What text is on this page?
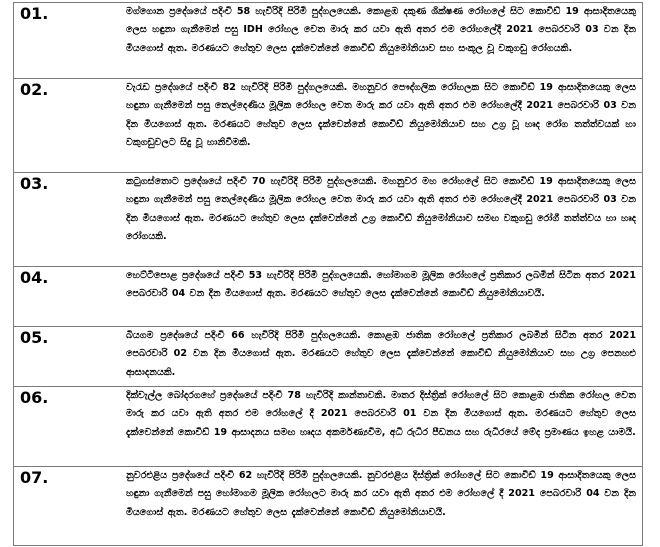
01.	මග්ගොන ප්‍රදේශයේ පදිංචි 58 හැවිරිදි පිරිමි පුද්ගලයෙකි. කොළඹ දකුණ ශික්ෂණ රෝහලේ සිට කොවිඩ් 19 ආසාදිතයෙකු ලෙස හඳුනා ගැනීමෙන් පසු IDH රෝහල වෙත මාරු කර යවා ඇති අතර එම රෝහලේදී 2021 පෙබරවාරි 03 වන දින මියගොස් ඇත. මරණයට හේතුව ලෙස දැක්වෙන්නේ කොවිඩ් නියුමෝනියාව සහ සංකූල වූ වකුගඩු රෝගයකි.

02.	වැරැඩ ප්‍රදේශයේ පදිංචි 82 හැවිරිදි පිරිමි පුද්ගලයෙකි. මහනුවර පෞද්ගලික රෝහලක සිට කොවිඩ් 19 ආසාදිතයෙකු ලෙස හඳුනා ගැනීමෙන් පසු තෙල්දෙණිය මූලික රෝහල වෙත මාරු කර යවා ඇති අතර එම රෝහලේදී 2021 පෙබරවාරි 03 වන දින මියගොස් ඇත. මරණයට හේතුව ලෙස දැක්වෙන්නේ කොවිඩ් නියුමෝනියාව සහ උග්‍ර වූ හෘද රෝග තත්ත්වයක් හා වකුගඩුවලට සිදු වූ හානිවීමකි.

03.	කටුගස්තොට ප්‍රදේශයේ පදිංචි 70 හැවිරිදි පිරිමි පුද්ගලයෙකි. මහනුවර මහ රෝහලේ සිට කොවිඩ් 19 ආසාදිතයෙකු ලෙස හඳුනා ගැනීමෙන් පසු තෙල්දෙණිය මූලික රෝහල වෙත මාරු කර යවා ඇති අතර එම රෝහලේදී 2021 පෙබරවාරි 03 වන දින මියගොස් ඇත. මරණයට හේතුව ලෙස දැක්වෙන්නේ උග්‍ර කොවිඩ් නියුමෝනියාව සමඟ වකුගඩු රෝගී තත්ත්වය හා හෘද රෝගයකි.

04.	හෙට්ටිපොළ ප්‍රදේශයේ පදිංචි 53 හැවිරිදි පිරිමි පුද්ගලයෙකි. හෝමාගම මූලික රෝහලේ ප්‍රතිකාර ලබමින් සිටින අතර 2021 පෙබරවාරි 04 වන දින මියගොස් ඇත. මරණයට හේතුව ලෙස දැක්වෙන්නේ කොවිඩ් නියුමෝනියාවයි.

05.	බියගම ප්‍රදේශයේ පදිංචි 66 හැවිරිදි පිරිමි පුද්ගලයෙකි. කොළඹ ජාතික රෝහලේ ප්‍රතිකාර ලබමින් සිටින අතර 2021 පෙබරවාරි 02 වන දින මියගොස් ඇත. මරණයට හේතුව ලෙස දැක්වෙන්නේ කොවිඩ් නියුමෝනියාව සහ උග්‍ර පෙනහළු ආසාදනයකි.

06.	දික්වැල්ල බෝදරගහේ ප්‍රදේශයේ පදිංචි 78 හැවිරිදි කාන්තාවකි. මාතර දිස්ත්‍රික් රෝහලේ සිට කොළඹ ජාතික රෝහල වෙත මාරු කර යවා ඇති අතර එම රෝහලේ දී 2021 පෙබරවාරි 01 වන දින මියගොස් ඇත. මරණයට හේතුව ලෙස දැක්වෙන්නේ කොවිඩ් 19 ආසාදනය සමඟ හෘදය අකර්මණ්‍යවීම, අධි රුධිර පීඩනය සහ රුධිරයේ මේද ප්‍රමාණය ඉහළ යාමයි.

07.	නුවරඑළිය ප්‍රදේශයේ පදිංචි 62 හැවිරිදි පිරිමි පුද්ගලයෙකි. නුවරඑළිය දිස්ත්‍රික් රෝහලේ සිට කොවිඩ් 19 ආසාදිතයෙකු ලෙස හඳුනා ගැනීමෙන් පසු හෝමාගම මූලික රෝහලට මාරු කර යවා ඇති අතර එම රෝහලේ දී 2021 පෙබරවාරි 04 වන දින මියගොස් ඇත. මරණයට හේතුව ලෙස දැක්වෙන්නේ කොවිඩ් නියුමෝනියාවයි.
